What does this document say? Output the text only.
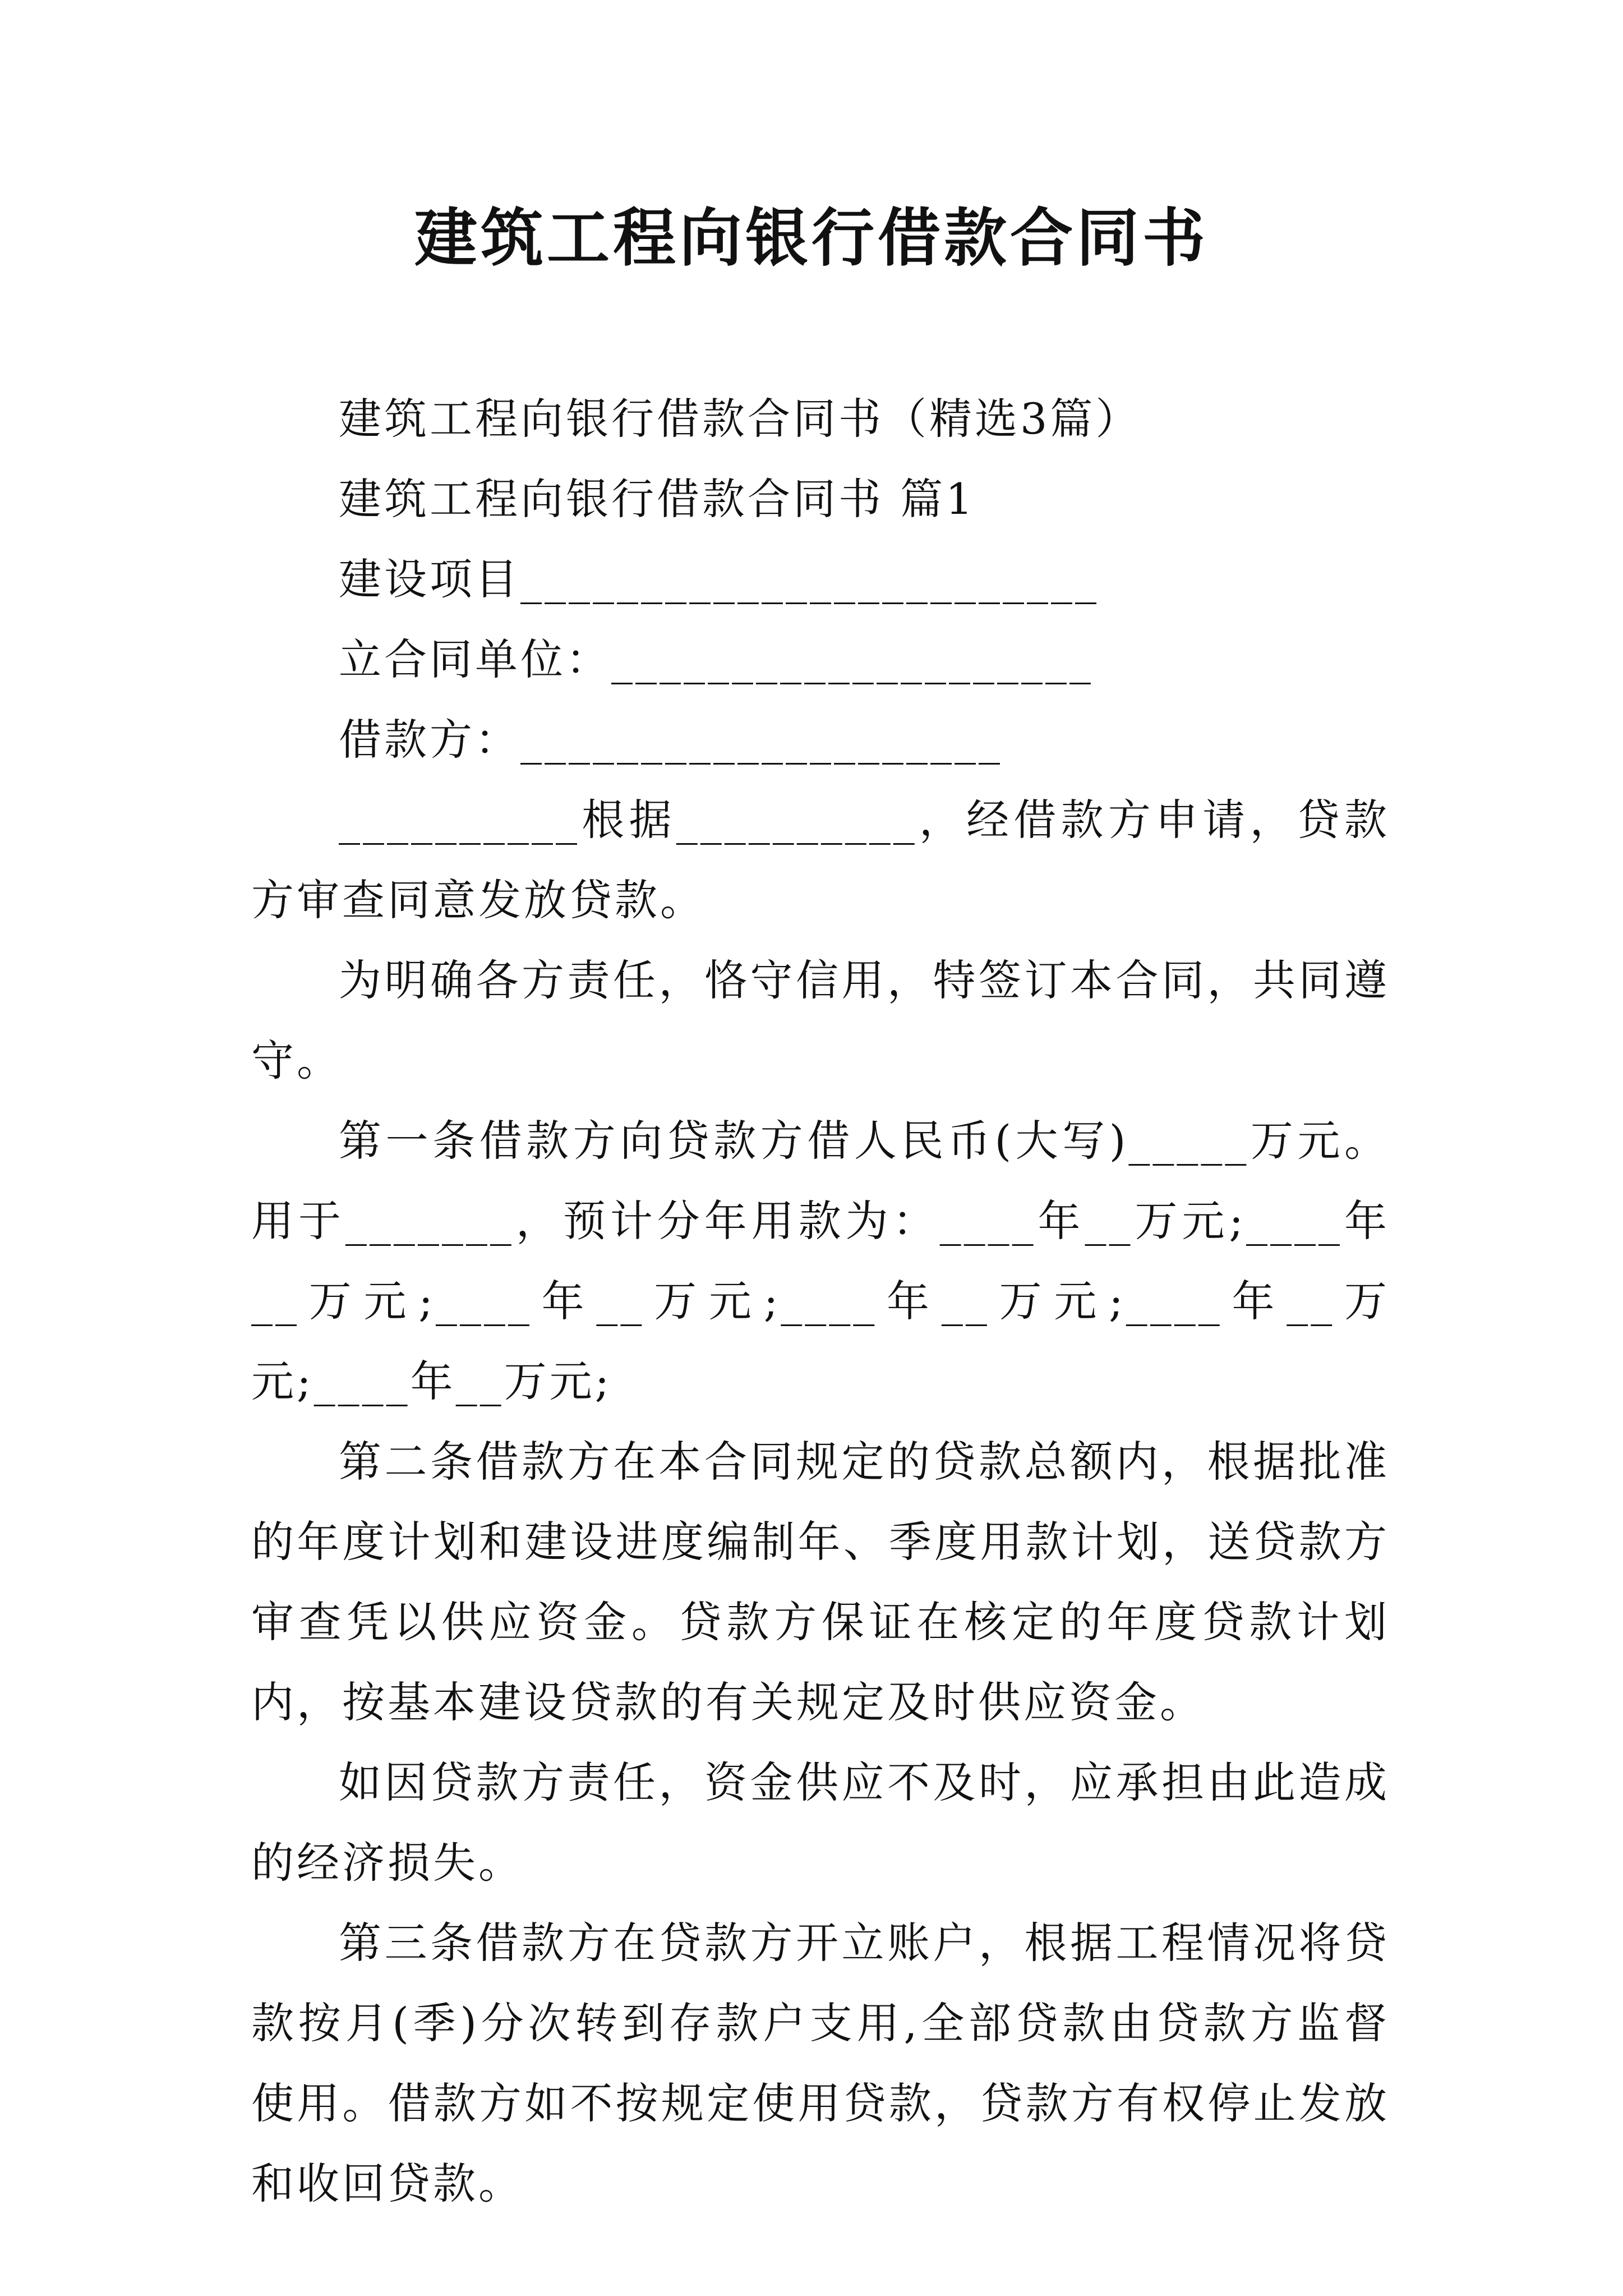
建筑工程向银行借款合同书

建筑工程向银行借款合同书（精选3篇）

建筑工程向银行借款合同书 篇1

建设项目________________________

立合同单位：____________________

借款方：____________________

__________根据__________，经借款方申请，贷款方审查同意发放贷款。

为明确各方责任，恪守信用，特签订本合同，共同遵守。

第一条借款方向贷款方借人民币(大写)_____万元。用于_______，预计分年用款为：____年__万元;____年__万元;____年__万元;____年__万元;____年__万元;____年__万元;

第二条借款方在本合同规定的贷款总额内，根据批准的年度计划和建设进度编制年、季度用款计划，送贷款方审查凭以供应资金。贷款方保证在核定的年度贷款计划内，按基本建设贷款的有关规定及时供应资金。

如因贷款方责任，资金供应不及时，应承担由此造成的经济损失。

第三条借款方在贷款方开立账户，根据工程情况将贷款按月(季)分次转到存款户支用,全部贷款由贷款方监督使用。借款方如不按规定使用贷款，贷款方有权停止发放和收回贷款。
